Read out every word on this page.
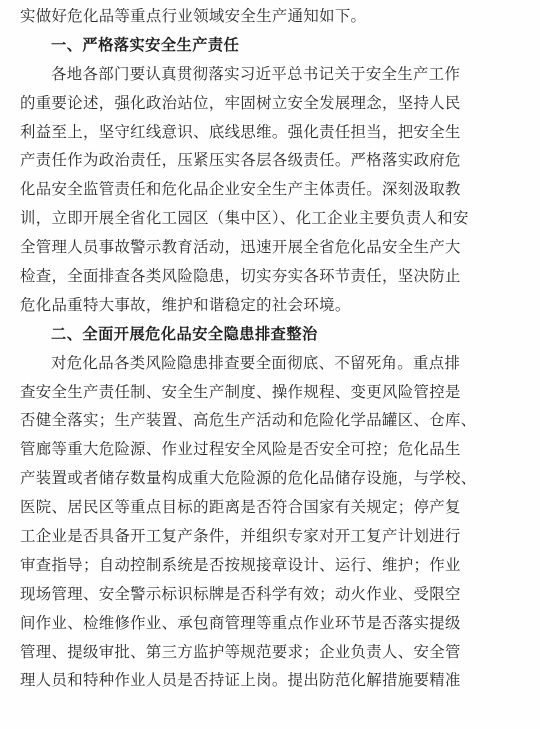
实做好危化品等重点行业领域安全生产通知如下。
一、严格落实安全生产责任
各地各部门要认真贯彻落实习近平总书记关于安全生产工作
的重要论述，强化政治站位，牢固树立安全发展理念，坚持人民
利益至上，坚守红线意识、底线思维。强化责任担当，把安全生
产责任作为政治责任，压紧压实各层各级责任。严格落实政府危
化品安全监管责任和危化品企业安全生产主体责任。深刻汲取教
训，立即开展全省化工园区（集中区）、化工企业主要负责人和安
全管理人员事故警示教育活动，迅速开展全省危化品安全生产大
检查，全面排查各类风险隐患，切实夯实各环节责任，坚决防止
危化品重特大事故，维护和谐稳定的社会环境。
二、全面开展危化品安全隐患排查整治
对危化品各类风险隐患排查要全面彻底、不留死角。重点排
查安全生产责任制、安全生产制度、操作规程、变更风险管控是
否健全落实；生产装置、高危生产活动和危险化学品罐区、仓库、
管廊等重大危险源、作业过程安全风险是否安全可控；危化品生
产装置或者储存数量构成重大危险源的危化品储存设施，与学校、
医院、居民区等重点目标的距离是否符合国家有关规定；停产复
工企业是否具备开工复产条件，并组织专家对开工复产计划进行
审查指导；自动控制系统是否按规接章设计、运行、维护；作业
现场管理、安全警示标识标牌是否科学有效；动火作业、受限空
间作业、检维修作业、承包商管理等重点作业环节是否落实提级
管理、提级审批、第三方监护等规范要求；企业负责人、安全管
理人员和特种作业人员是否持证上岗。提出防范化解措施要精准
